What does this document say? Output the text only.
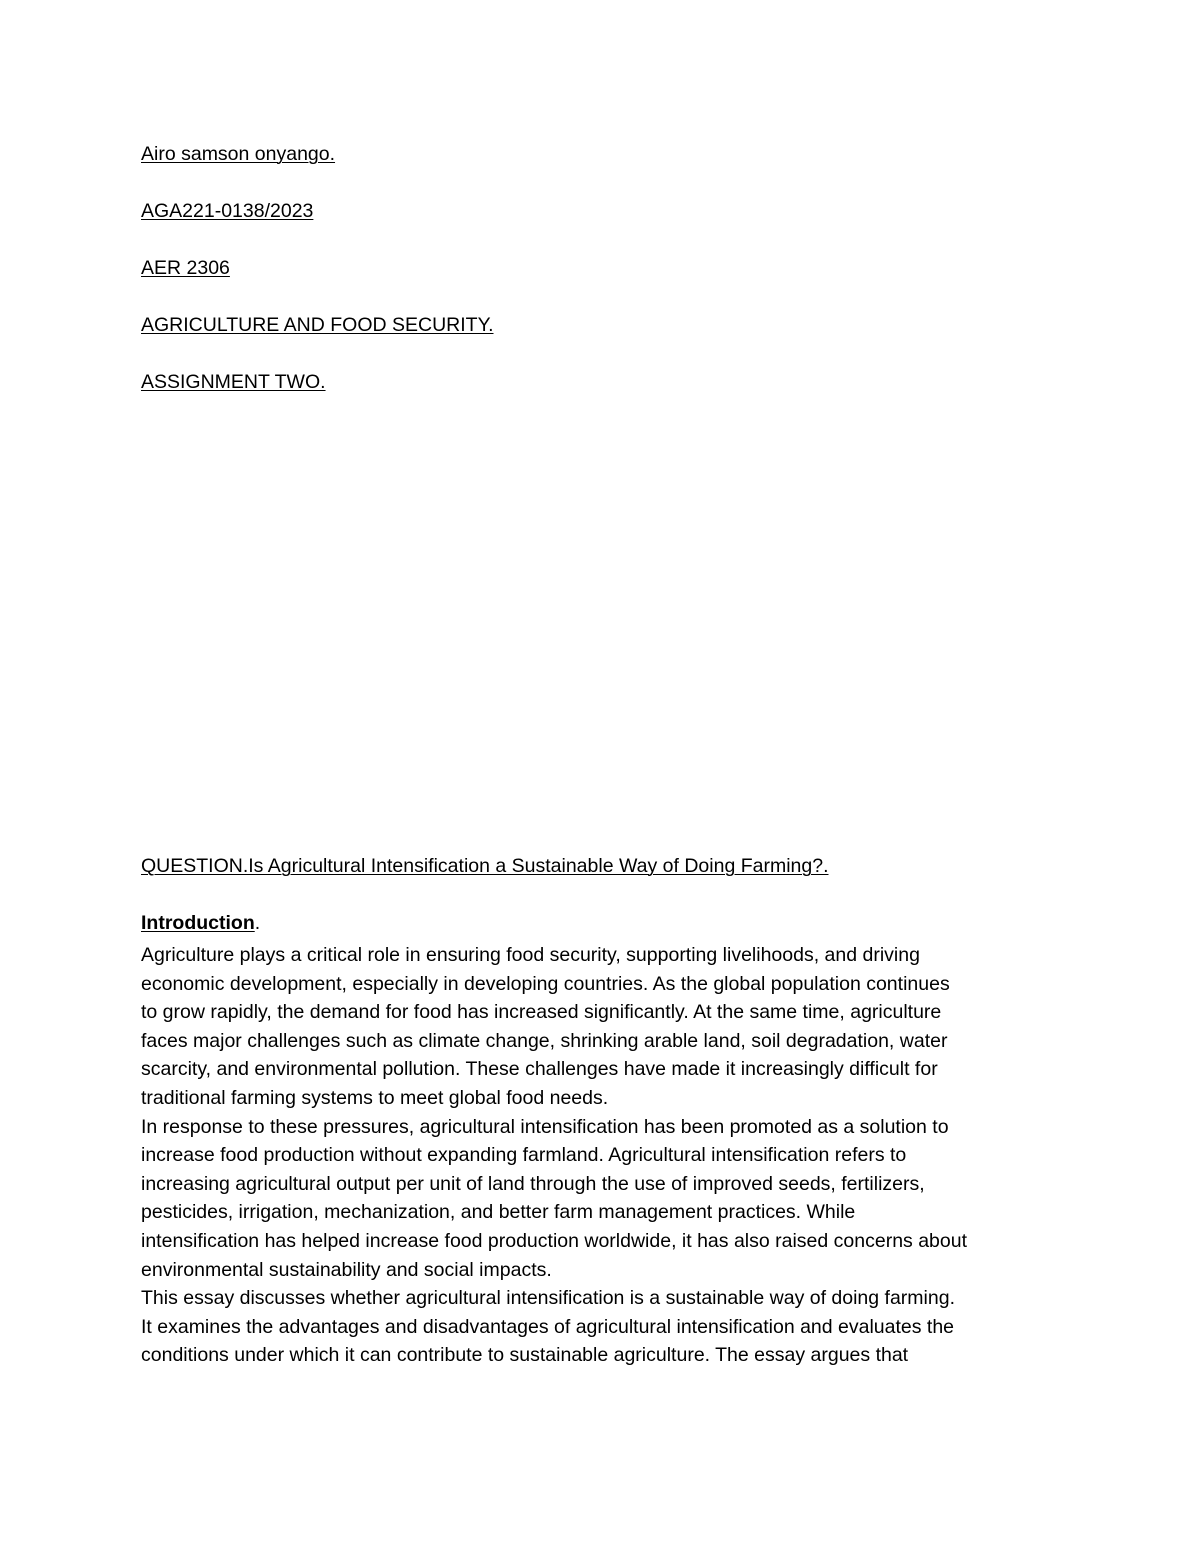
Airo samson onyango.
AGA221-0138/2023
AER 2306
AGRICULTURE AND FOOD SECURITY.
ASSIGNMENT TWO.
QUESTION.Is Agricultural Intensification a Sustainable Way of Doing Farming?.
Introduction.
Agriculture plays a critical role in ensuring food security, supporting livelihoods, and driving
economic development, especially in developing countries. As the global population continues
to grow rapidly, the demand for food has increased significantly. At the same time, agriculture
faces major challenges such as climate change, shrinking arable land, soil degradation, water
scarcity, and environmental pollution. These challenges have made it increasingly difficult for
traditional farming systems to meet global food needs.
In response to these pressures, agricultural intensification has been promoted as a solution to
increase food production without expanding farmland. Agricultural intensification refers to
increasing agricultural output per unit of land through the use of improved seeds, fertilizers,
pesticides, irrigation, mechanization, and better farm management practices. While
intensification has helped increase food production worldwide, it has also raised concerns about
environmental sustainability and social impacts.
This essay discusses whether agricultural intensification is a sustainable way of doing farming.
It examines the advantages and disadvantages of agricultural intensification and evaluates the
conditions under which it can contribute to sustainable agriculture. The essay argues that
